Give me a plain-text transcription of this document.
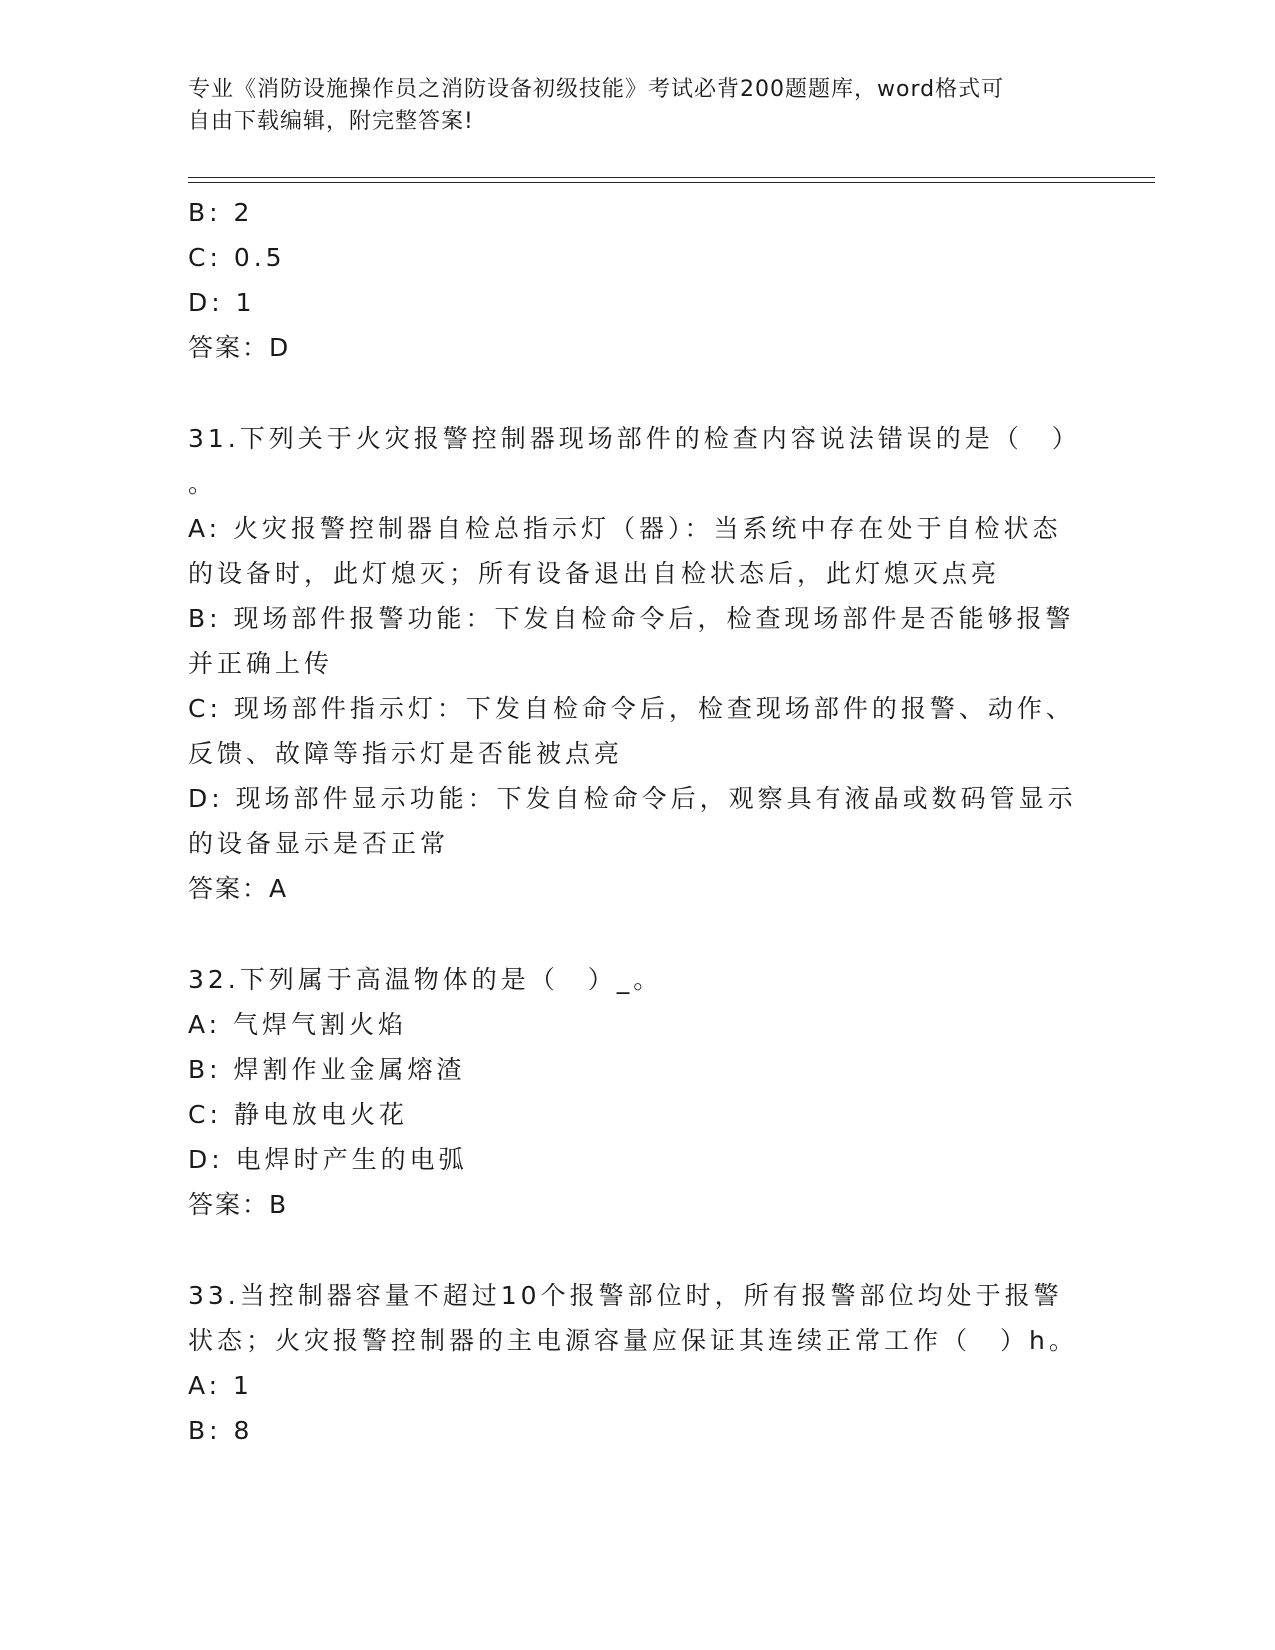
专业《消防设施操作员之消防设备初级技能》考试必背200题题库，word格式可
自由下载编辑，附完整答案!
B: 2
C: 0.5
D: 1
答案：D
31.下列关于火灾报警控制器现场部件的检查内容说法错误的是（　）
。
A: 火灾报警控制器自检总指示灯（器）：当系统中存在处于自检状态
的设备时，此灯熄灭；所有设备退出自检状态后，此灯熄灭点亮
B: 现场部件报警功能：下发自检命令后，检查现场部件是否能够报警
并正确上传
C: 现场部件指示灯：下发自检命令后，检查现场部件的报警、动作、
反馈、故障等指示灯是否能被点亮
D: 现场部件显示功能：下发自检命令后，观察具有液晶或数码管显示
的设备显示是否正常
答案：A
32.下列属于高温物体的是（　）_。
A: 气焊气割火焰
B: 焊割作业金属熔渣
C: 静电放电火花
D: 电焊时产生的电弧
答案：B
33.当控制器容量不超过10个报警部位时，所有报警部位均处于报警
状态；火灾报警控制器的主电源容量应保证其连续正常工作（　）h。
A: 1
B: 8
